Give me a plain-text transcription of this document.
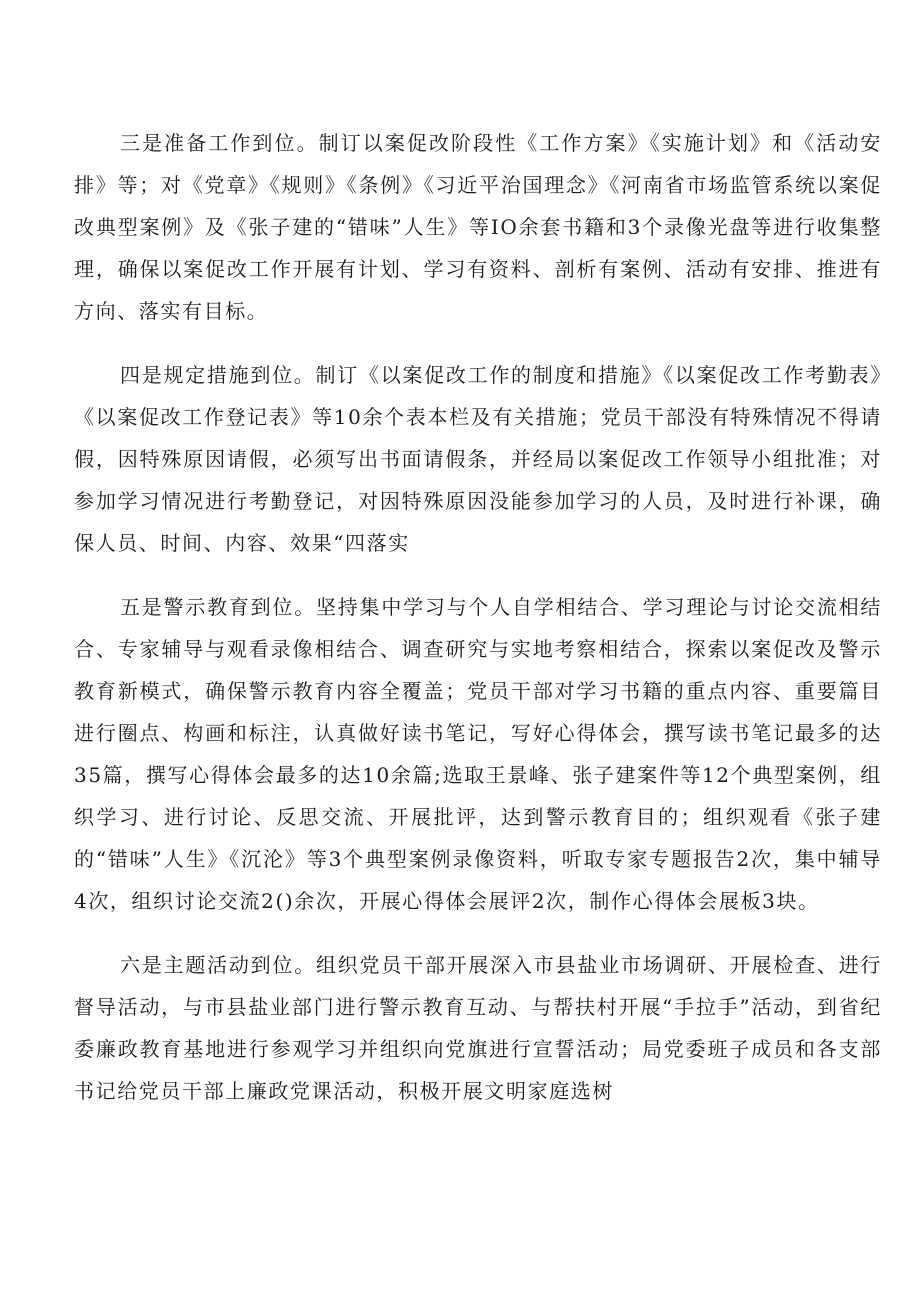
三是准备工作到位。制订以案促改阶段性《工作方案》《实施计划》和《活动安排》等；对《党章》《规则》《条例》《习近平治国理念》《河南省市场监管系统以案促改典型案例》及《张子建的“错味”人生》等IO余套书籍和3个录像光盘等进行收集整理，确保以案促改工作开展有计划、学习有资料、剖析有案例、活动有安排、推进有方向、落实有目标。

四是规定措施到位。制订《以案促改工作的制度和措施》《以案促改工作考勤表》《以案促改工作登记表》等10余个表本栏及有关措施；党员干部没有特殊情况不得请假，因特殊原因请假，必须写出书面请假条，并经局以案促改工作领导小组批准；对参加学习情况进行考勤登记，对因特殊原因没能参加学习的人员，及时进行补课，确保人员、时间、内容、效果“四落实

五是警示教育到位。坚持集中学习与个人自学相结合、学习理论与讨论交流相结合、专家辅导与观看录像相结合、调查研究与实地考察相结合，探索以案促改及警示教育新模式，确保警示教育内容全覆盖；党员干部对学习书籍的重点内容、重要篇目进行圈点、构画和标注，认真做好读书笔记，写好心得体会，撰写读书笔记最多的达35篇，撰写心得体会最多的达10余篇;选取王景峰、张子建案件等12个典型案例，组织学习、进行讨论、反思交流、开展批评，达到警示教育目的；组织观看《张子建的“错味”人生》《沉沦》等3个典型案例录像资料，听取专家专题报告2次，集中辅导4次，组织讨论交流2()余次，开展心得体会展评2次，制作心得体会展板3块。

六是主题活动到位。组织党员干部开展深入市县盐业市场调研、开展检查、进行督导活动，与市县盐业部门进行警示教育互动、与帮扶村开展“手拉手”活动，到省纪委廉政教育基地进行参观学习并组织向党旗进行宣誓活动；局党委班子成员和各支部书记给党员干部上廉政党课活动，积极开展文明家庭选树
